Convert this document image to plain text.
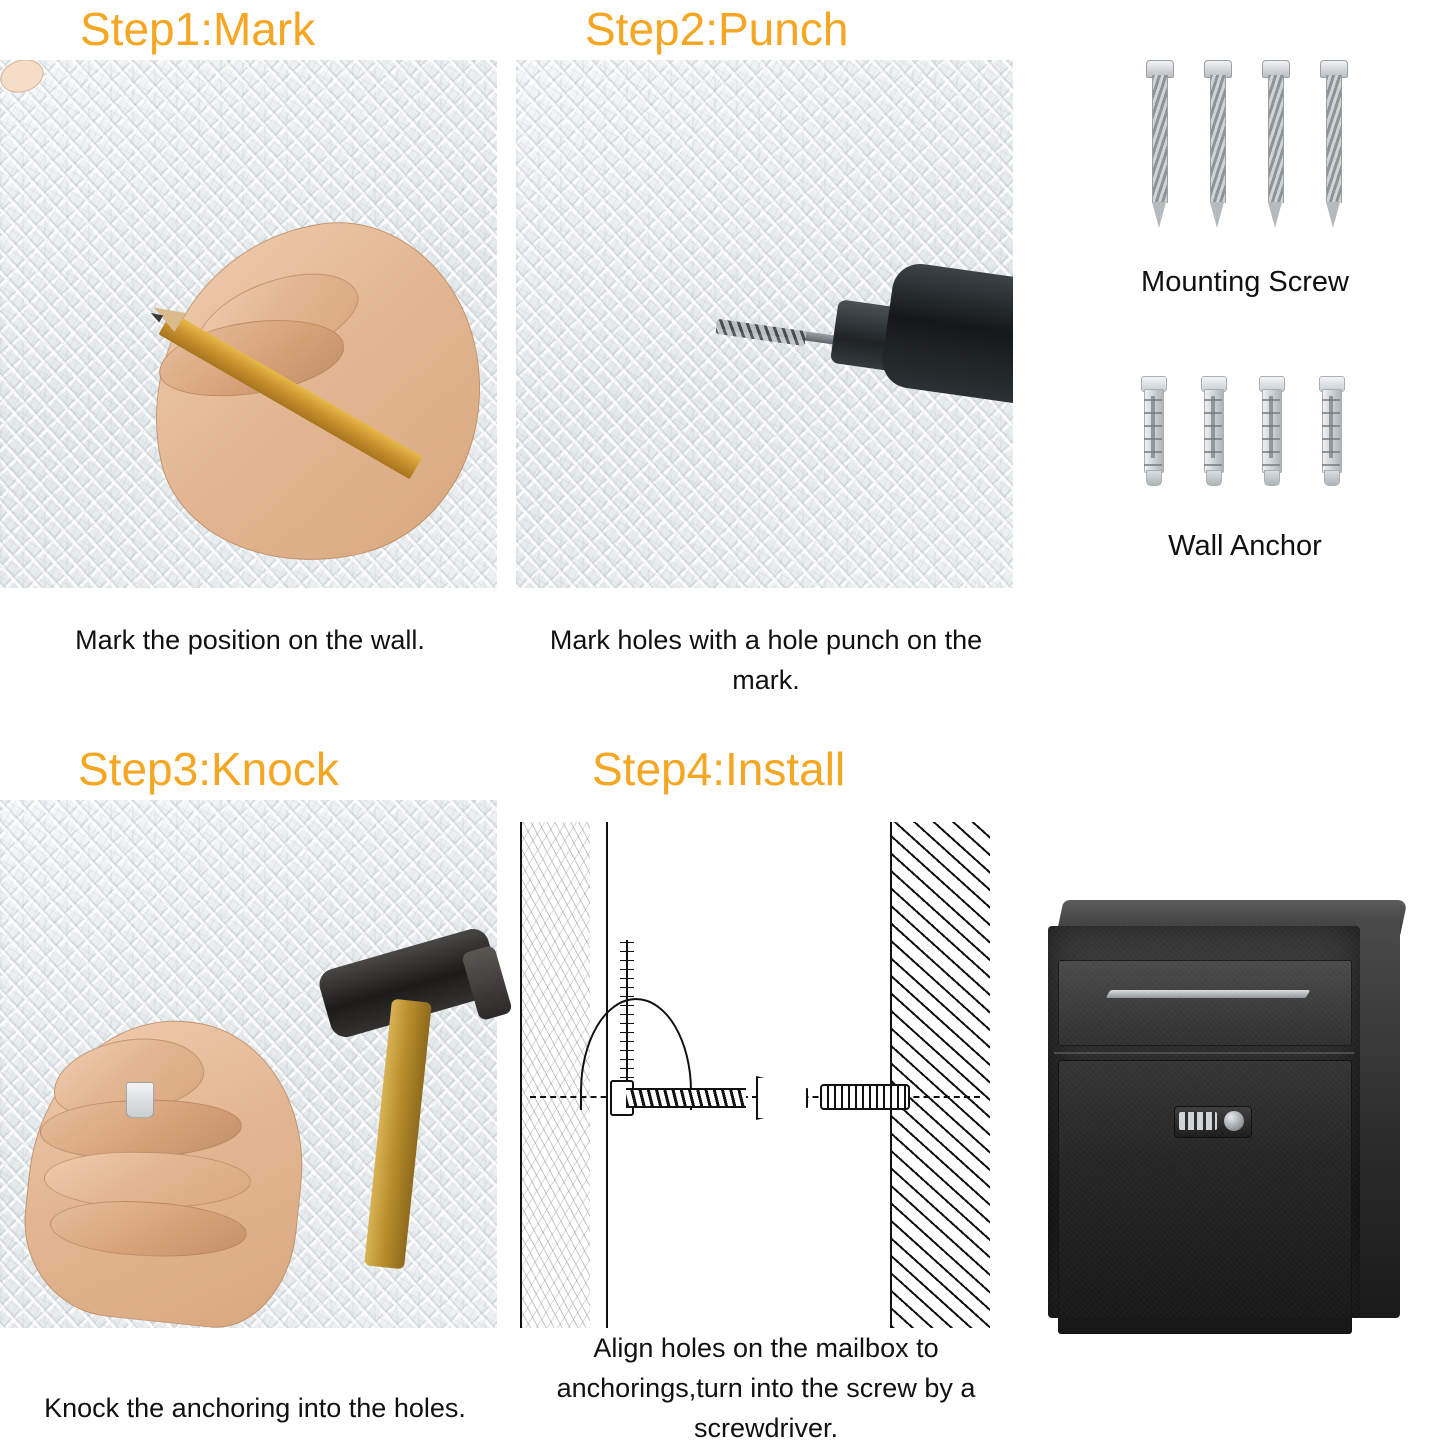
Step1:Mark
Mark the position on the wall.
Step2:Punch
Mark holes with a hole punch on the mark.
Step3:Knock
Knock the anchoring into the holes.
Step4:Install
Align holes on the mailbox to anchorings,turn into the screw by a screwdriver.
Mounting Screw
Wall Anchor
